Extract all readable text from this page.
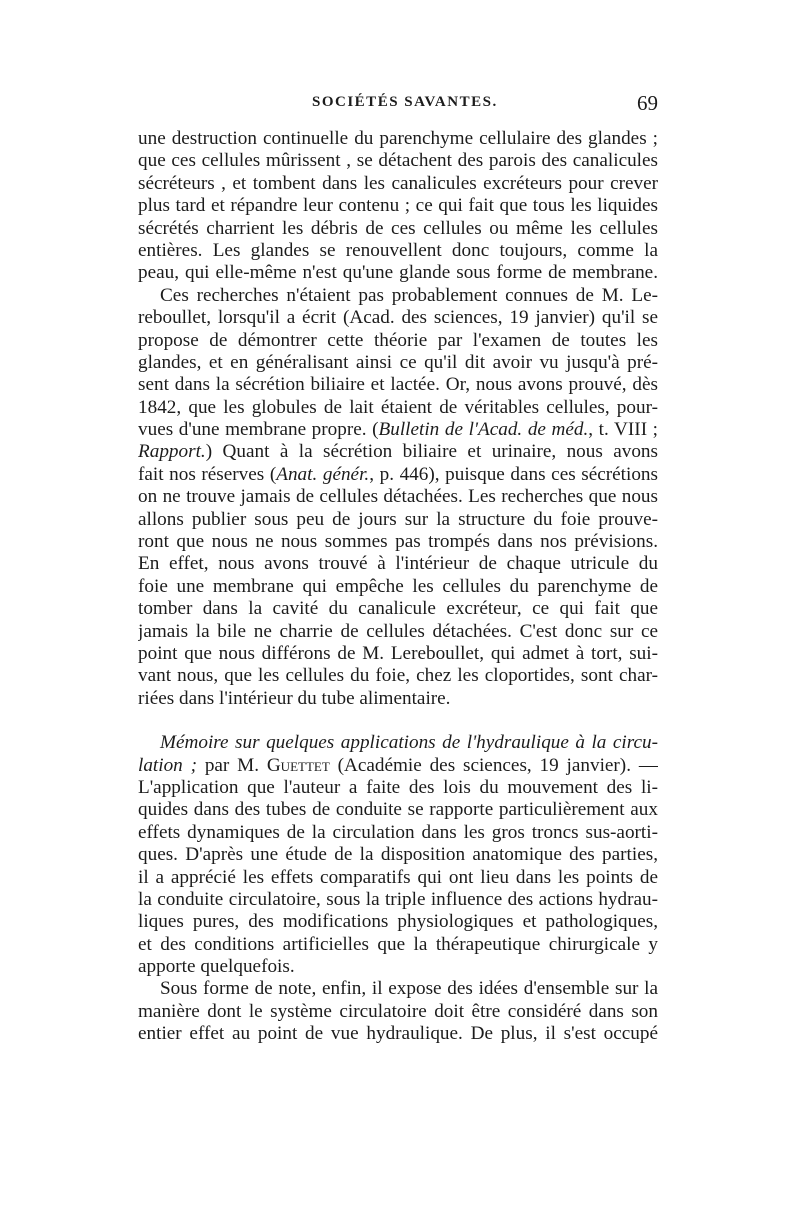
SOCIÉTÉS SAVANTES.	69
une destruction continuelle du parenchyme cellulaire des glandes ;
que ces cellules mûrissent , se détachent des parois des canalicules
sécréteurs , et tombent dans les canalicules excréteurs pour crever
plus tard et répandre leur contenu ; ce qui fait que tous les liquides
sécrétés charrient les débris de ces cellules ou même les cellules
entières. Les glandes se renouvellent donc toujours, comme la
peau, qui elle-même n'est qu'une glande sous forme de membrane.
Ces recherches n'étaient pas probablement connues de M. Le-
reboullet, lorsqu'il a écrit (Acad. des sciences, 19 janvier) qu'il se
propose de démontrer cette théorie par l'examen de toutes les
glandes, et en généralisant ainsi ce qu'il dit avoir vu jusqu'à pré-
sent dans la sécrétion biliaire et lactée. Or, nous avons prouvé, dès
1842, que les globules de lait étaient de véritables cellules, pour-
vues d'une membrane propre. (Bulletin de l'Acad. de méd., t. VIII ;
Rapport.) Quant à la sécrétion biliaire et urinaire, nous avons
fait nos réserves (Anat. génér., p. 446), puisque dans ces sécrétions
on ne trouve jamais de cellules détachées. Les recherches que nous
allons publier sous peu de jours sur la structure du foie prouve-
ront que nous ne nous sommes pas trompés dans nos prévisions.
En effet, nous avons trouvé à l'intérieur de chaque utricule du
foie une membrane qui empêche les cellules du parenchyme de
tomber dans la cavité du canalicule excréteur, ce qui fait que
jamais la bile ne charrie de cellules détachées. C'est donc sur ce
point que nous différons de M. Lereboullet, qui admet à tort, sui-
vant nous, que les cellules du foie, chez les cloportides, sont char-
riées dans l'intérieur du tube alimentaire.
Mémoire sur quelques applications de l'hydraulique à la circu-
lation ; par M. Guettet (Académie des sciences, 19 janvier). —
L'application que l'auteur a faite des lois du mouvement des li-
quides dans des tubes de conduite se rapporte particulièrement aux
effets dynamiques de la circulation dans les gros troncs sus-aorti-
ques. D'après une étude de la disposition anatomique des parties,
il a apprécié les effets comparatifs qui ont lieu dans les points de
la conduite circulatoire, sous la triple influence des actions hydrau-
liques pures, des modifications physiologiques et pathologiques,
et des conditions artificielles que la thérapeutique chirurgicale y
apporte quelquefois.
Sous forme de note, enfin, il expose des idées d'ensemble sur la
manière dont le système circulatoire doit être considéré dans son
entier effet au point de vue hydraulique. De plus, il s'est occupé
